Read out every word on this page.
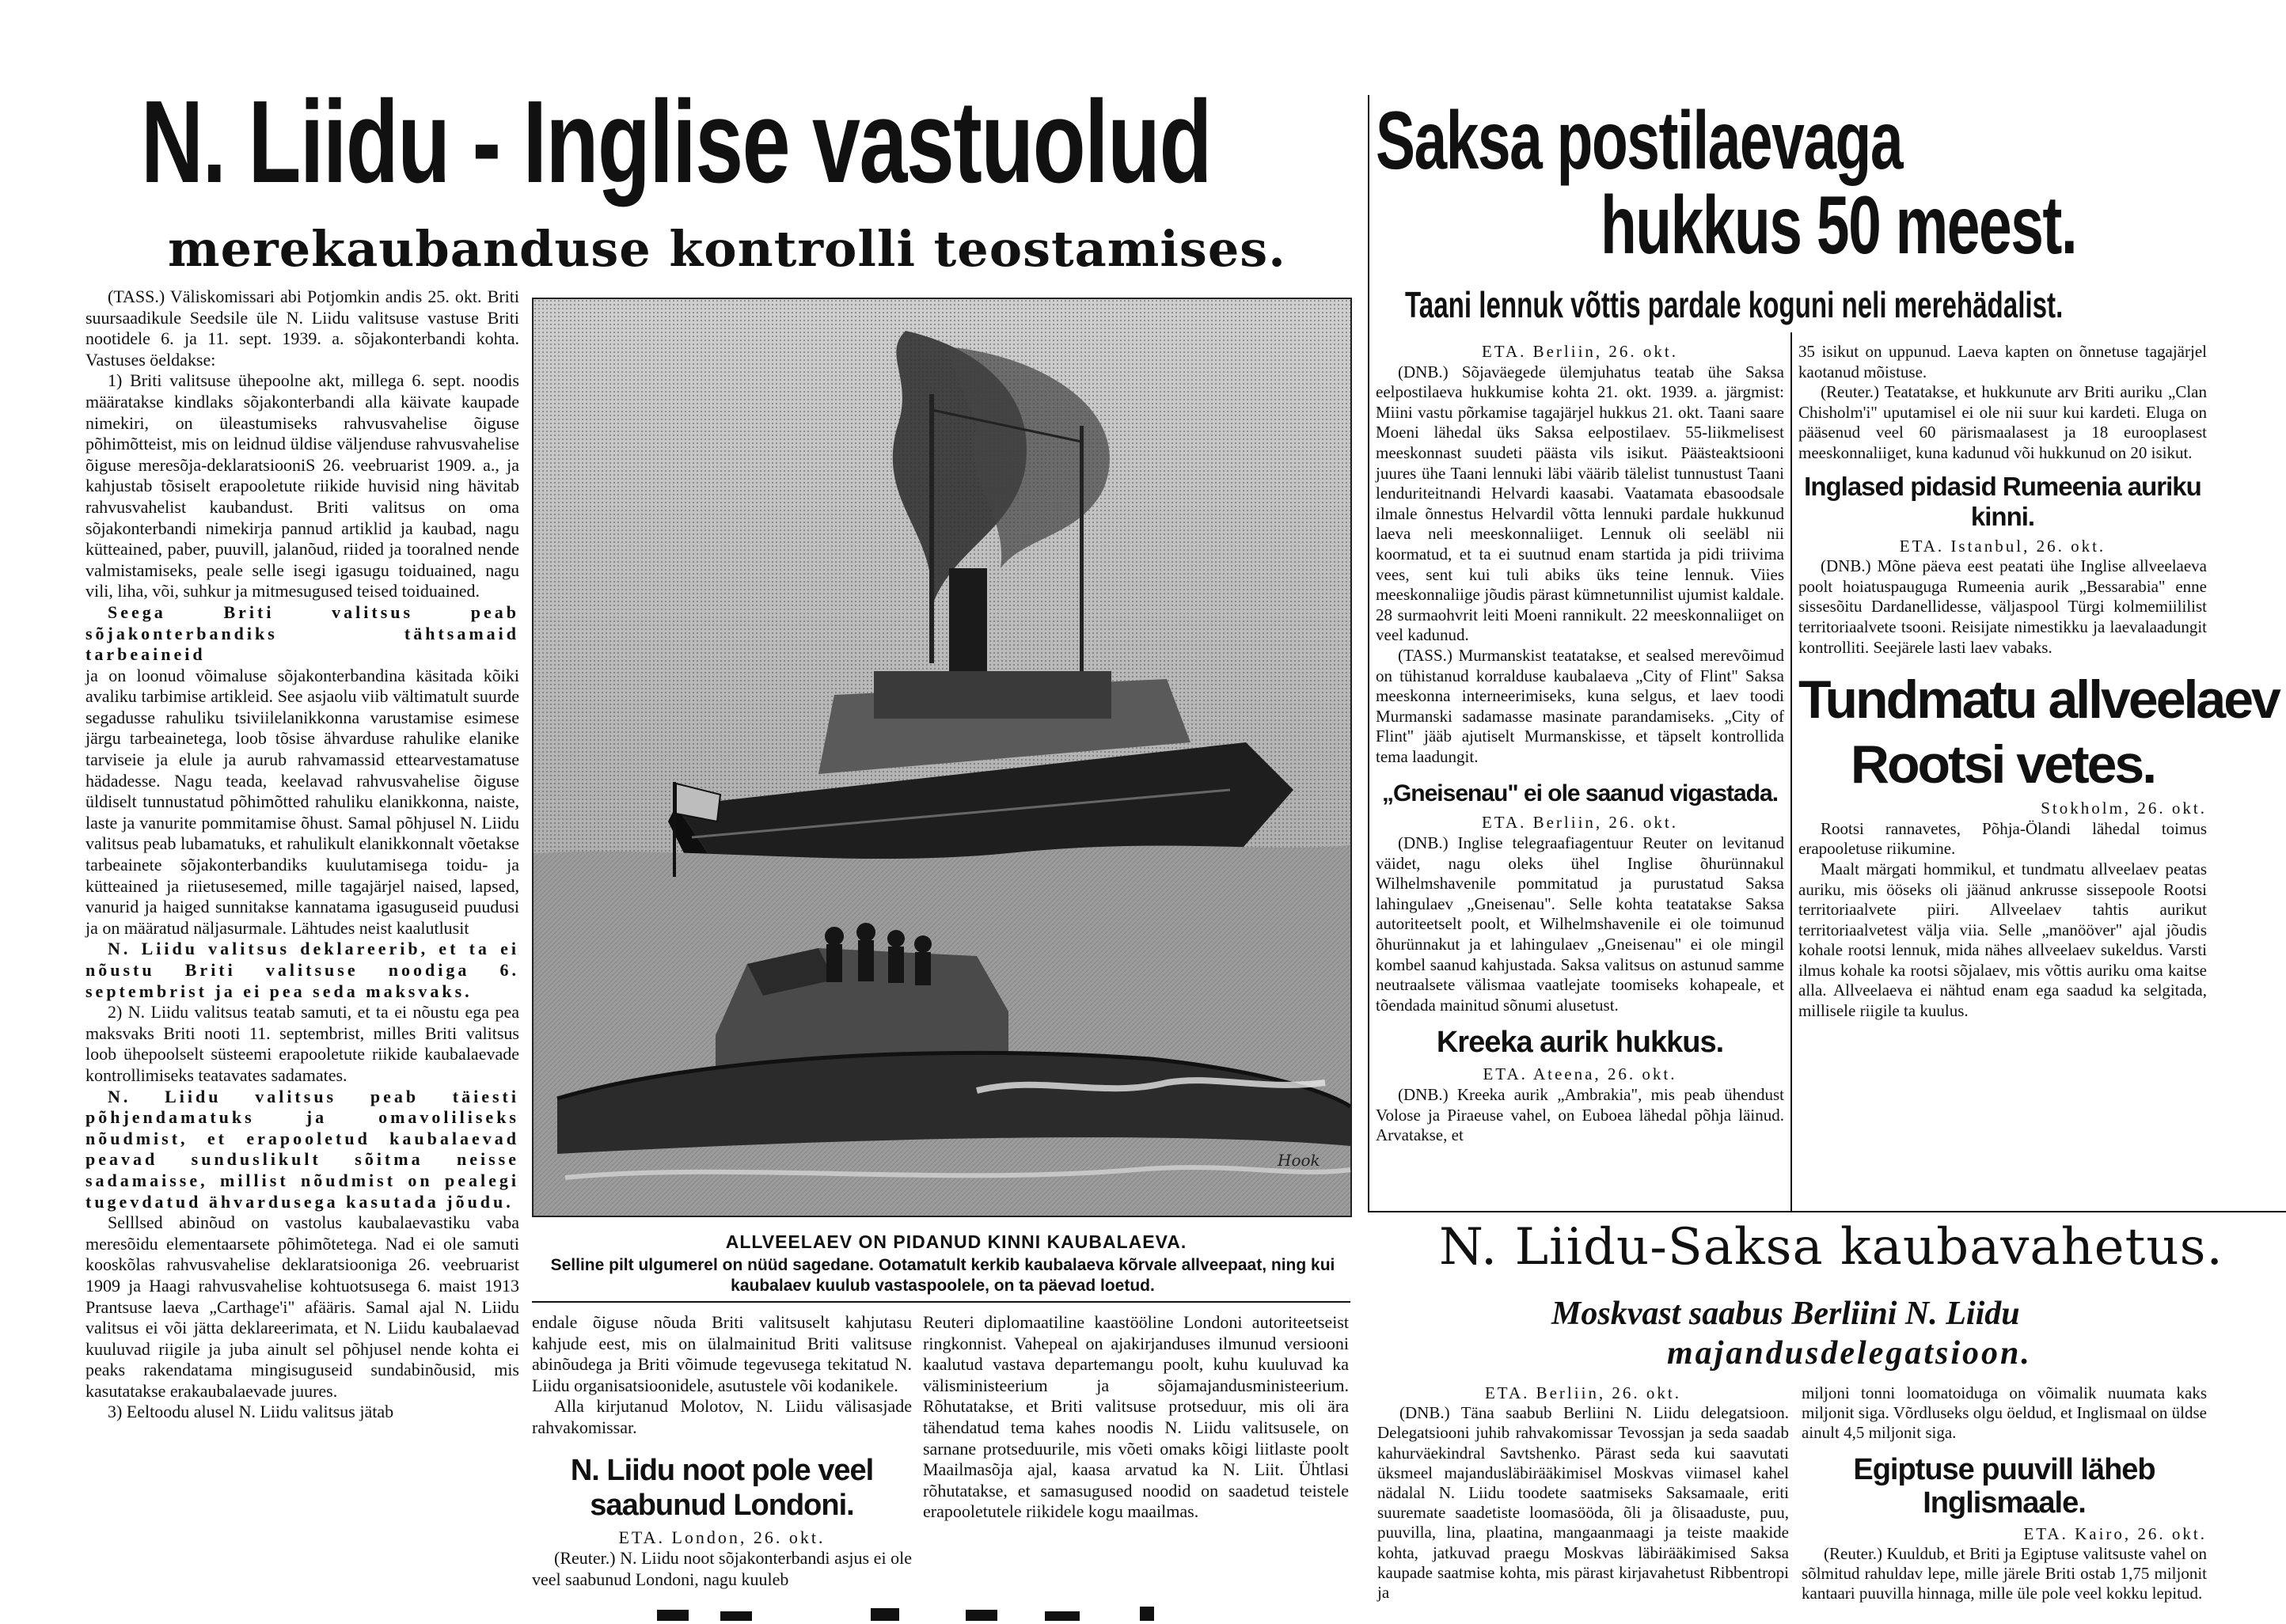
N. Liidu - Inglise vastuolud
merekaubanduse kontrolli teostamises.
Saksa postilaevaga
hukkus 50 meest.
Taani lennuk võttis pardale koguni neli merehädalist.

(TASS.) Väliskomissari abi Potjomkin andis 25. okt. Briti suursaadikule Seedsile üle N. Liidu valitsuse vastuse Briti nootidele 6. ja 11. sept. 1939. a. sõjakonterbandi kohta. Vastuses öeldakse:

1) Briti valitsuse ühepoolne akt, millega 6. sept. noodis määratakse kindlaks sõjakonterbandi alla käivate kaupade nimekiri, on üleastumiseks rahvusvahelise õiguse põhimõtteist, mis on leidnud üldise väljenduse rahvusvahelise õiguse meresõja-deklaratsiooniS 26. veebruarist 1909. a., ja kahjustab tõsiselt erapooletute riikide huvisid ning hävitab rahvusvahelist kaubandust. Briti valitsus on oma sõjakonterbandi nimekirja pannud artiklid ja kaubad, nagu kütteained, paber, puuvill, jalanõud, riided ja tooralned nende valmistamiseks, peale selle isegi igasugu toiduained, nagu vili, liha, või, suhkur ja mitmesugused teised toiduained.

Seega Briti valitsus peab sõjakonterbandiks tähtsamaid tarbeaineid

ja on loonud võimaluse sõjakonterbandina käsitada kõiki avaliku tarbimise artikleid. See asjaolu viib vältimatult suurde segadusse rahuliku tsiviilelanikkonna varustamise esimese järgu tarbeainetega, loob tõsise ähvarduse rahulike elanike tarviseie ja elule ja aurub rahvamassid ettearvestamatuse hädadesse. Nagu teada, keelavad rahvusvahelise õiguse üldiselt tunnustatud põhimõtted rahuliku elanikkonna, naiste, laste ja vanurite pommitamise õhust. Samal põhjusel N. Liidu valitsus peab lubamatuks, et rahulikult elanikkonnalt võetakse tarbeainete sõjakonterbandiks kuulutamisega toidu- ja kütteained ja riietusesemed, mille tagajärjel naised, lapsed, vanurid ja haiged sunnitakse kannatama igasuguseid puudusi ja on määratud näljasurmale. Lähtudes neist kaalutlusit

N. Liidu valitsus deklareerib, et ta ei nõustu Briti valitsuse noodiga 6. septembrist ja ei pea seda maksvaks.

2) N. Liidu valitsus teatab samuti, et ta ei nõustu ega pea maksvaks Briti nooti 11. septembrist, milles Briti valitsus loob ühepoolselt süsteemi erapooletute riikide kaubalaevade kontrollimiseks teatavates sadamates.

N. Liidu valitsus peab täiesti põhjendamatuks ja omavoliliseks nõudmist, et erapooletud kaubalaevad peavad sunduslikult sõitma neisse sadamaisse, millist nõudmist on pealegi tugevdatud ähvardusega kasutada jõudu.

Selllsed abinõud on vastolus kaubalaevastiku vaba meresõidu elementaarsete põhimõtetega. Nad ei ole samuti kooskõlas rahvusvahelise deklaratsiooniga 26. veebruarist 1909 ja Haagi rahvusvahelise kohtuotsusega 6. maist 1913 Prantsuse laeva „Carthage'i" afääris. Samal ajal N. Liidu valitsus ei või jätta deklareerimata, et N. Liidu kaubalaevad kuuluvad riigile ja juba ainult sel põhjusel nende kohta ei peaks rakendatama mingisuguseid sundabinõusid, mis kasutatakse erakaubalaevade juures.

3) Eeltoodu alusel N. Liidu valitsus jätab

Hook
ALLVEELAEV ON PIDANUD KINNI KAUBALAEVA.
Selline pilt ulgumerel on nüüd sagedane. Ootamatult kerkib kaubalaeva kõrvale allveepaat, ning kui kaubalaev kuulub vastaspoolele, on ta päevad loetud.

endale õiguse nõuda Briti valitsuselt kahjutasu kahjude eest, mis on ülalmainitud Briti valitsuse abinõudega ja Briti võimude tegevusega tekitatud N. Liidu organisatsioonidele, asutustele või kodanikele.

Alla kirjutanud Molotov, N. Liidu välisasjade rahvakomissar.

N. Liidu noot pole veel saabunud Londoni.

ETA. London, 26. okt.

(Reuter.) N. Liidu noot sõjakonterbandi asjus ei ole veel saabunud Londoni, nagu kuuleb

Reuteri diplomaatiline kaastööline Londoni autoriteetseist ringkonnist. Vahepeal on ajakirjanduses ilmunud versiooni kaalutud vastava departemangu poolt, kuhu kuuluvad ka välisministeerium ja sõjamajandusministeerium. Rõhutatakse, et Briti valitsuse protseduur, mis oli ära tähendatud tema kahes noodis N. Liidu valitsusele, on sarnane protseduurile, mis võeti omaks kõigi liitlaste poolt Maailmasõja ajal, kaasa arvatud ka N. Liit. Ühtlasi rõhutatakse, et samasugused noodid on saadetud teistele erapooletutele riikidele kogu maailmas.

ETA. Berliin, 26. okt.

(DNB.) Sõjaväegede ülemjuhatus teatab ühe Saksa eelpostilaeva hukkumise kohta 21. okt. 1939. a. järgmist: Miini vastu põrkamise tagajärjel hukkus 21. okt. Taani saare Moeni lähedal üks Saksa eelpostilaev. 55-liikmelisest meeskonnast suudeti päästa vils isikut. Päästeaktsiooni juures ühe Taani lennuki läbi väärib tälelist tunnustust Taani lenduriteitnandi Helvardi kaasabi. Vaatamata ebasoodsale ilmale õnnestus Helvardil võtta lennuki pardale hukkunud laeva neli meeskonnaliiget. Lennuk oli seeläbl nii koormatud, et ta ei suutnud enam startida ja pidi triivima vees, sent kui tuli abiks üks teine lennuk. Viies meeskonnaliige jõudis pärast kümnetunnilist ujumist kaldale. 28 surmaohvrit leiti Moeni rannikult. 22 meeskonnaliiget on veel kadunud.

(TASS.) Murmanskist teatatakse, et sealsed merevõimud on tühistanud korralduse kaubalaeva „City of Flint" Saksa meeskonna interneerimiseks, kuna selgus, et laev toodi Murmanski sadamasse masinate parandamiseks. „City of Flint" jääb ajutiselt Murmanskisse, et täpselt kontrollida tema laadungit.

„Gneisenau" ei ole saanud vigastada.

ETA. Berliin, 26. okt.

(DNB.) Inglise telegraafiagentuur Reuter on levitanud väidet, nagu oleks ühel Inglise õhurünnakul Wilhelmshavenile pommitatud ja purustatud Saksa lahingulaev „Gneisenau". Selle kohta teatatakse Saksa autoriteetselt poolt, et Wilhelmshavenile ei ole toimunud õhurünnakut ja et lahingulaev „Gneisenau" ei ole mingil kombel saanud kahjustada. Saksa valitsus on astunud samme neutraalsete välismaa vaatlejate toomiseks kohapeale, et tõendada mainitud sõnumi alusetust.

Kreeka aurik hukkus.

ETA. Ateena, 26. okt.

(DNB.) Kreeka aurik „Ambrakia", mis peab ühendust Volose ja Piraeuse vahel, on Euboea lähedal põhja läinud. Arvatakse, et

35 isikut on uppunud. Laeva kapten on õnnetuse tagajärjel kaotanud mõistuse.

(Reuter.) Teatatakse, et hukkunute arv Briti auriku „Clan Chisholm'i" uputamisel ei ole nii suur kui kardeti. Eluga on pääsenud veel 60 pärismaalasest ja 18 eurooplasest meeskonnaliiget, kuna kadunud või hukkunud on 20 isikut.

Inglased pidasid Rumeenia auriku kinni.

ETA. Istanbul, 26. okt.

(DNB.) Mõne päeva eest peatati ühe Inglise allveelaeva poolt hoiatuspauguga Rumeenia aurik „Bessarabia" enne sissesõitu Dardanellidesse, väljaspool Türgi kolmemiililist territoriaalvete tsooni. Reisijate nimestikku ja laevalaadungit kontrolliti. Seejärele lasti laev vabaks.

Tundmatu allveelaev
Rootsi vetes.

Stokholm, 26. okt.

Rootsi rannavetes, Põhja-Ölandi lähedal toimus erapooletuse riikumine.

Maalt märgati hommikul, et tundmatu allveelaev peatas auriku, mis ööseks oli jäänud ankrusse sissepoole Rootsi territoriaalvete piiri. Allveelaev tahtis aurikut territoriaalvetest välja viia. Selle „manööver" ajal jõudis kohale rootsi lennuk, mida nähes allveelaev sukeldus. Varsti ilmus kohale ka rootsi sõjalaev, mis võttis auriku oma kaitse alla. Allveelaeva ei nähtud enam ega saadud ka selgitada, millisele riigile ta kuulus.

N. Liidu-Saksa kaubavahetus.
Moskvast saabus Berliini N. Liidu
majandusdelegatsioon.

ETA. Berliin, 26. okt.

(DNB.) Täna saabub Berliini N. Liidu delegatsioon. Delegatsiooni juhib rahvakomissar Tevossjan ja seda saadab kahurväekindral Savtshenko. Pärast seda kui saavutati üksmeel majandusläbirääkimisel Moskvas viimasel kahel nädalal N. Liidu toodete saatmiseks Saksamaale, eriti suuremate saadetiste loomasööda, õli ja õlisaaduste, puu, puuvilla, lina, plaatina, mangaanmaagi ja teiste maakide kohta, jatkuvad praegu Moskvas läbirääkimised Saksa kaupade saatmise kohta, mis pärast kirjavahetust Ribbentropi ja

miljoni tonni loomatoiduga on võimalik nuumata kaks miljonit siga. Võrdluseks olgu öeldud, et Inglismaal on üldse ainult 4,5 miljonit siga.

Egiptuse puuvill läheb Inglismaale.

ETA. Kairo, 26. okt.

(Reuter.) Kuuldub, et Briti ja Egiptuse valitsuste vahel on sõlmitud rahuldav lepe, mille järele Briti ostab 1,75 miljonit kantaari puuvilla hinnaga, mille üle pole veel kokku lepitud.
